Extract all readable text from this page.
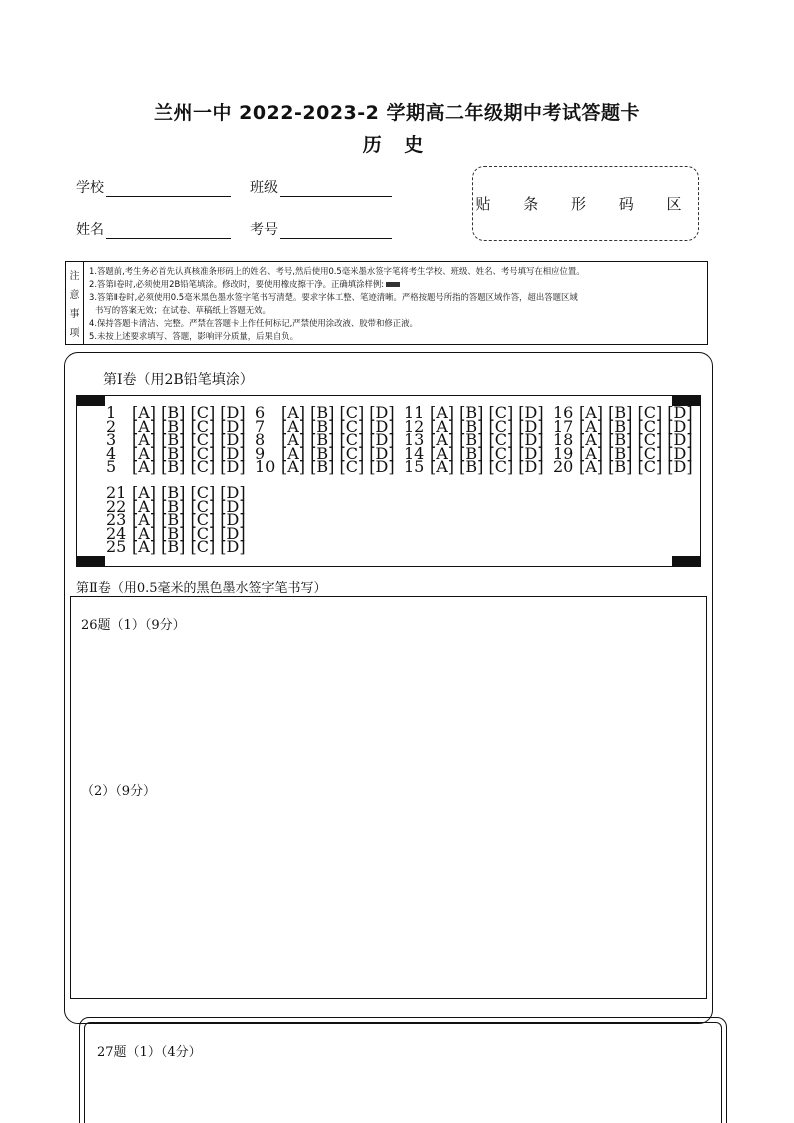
兰州一中 2022-2023-2 学期高二年级期中考试答题卡
历 史
学校	班级
姓名	考号
贴 条 形 码 区
注
意
事
项
1.答题前,考生务必首先认真核准条形码上的姓名、考号,然后使用0.5毫米墨水签字笔将考生学校、班级、姓名、考号填写在相应位置。
2.答第Ⅰ卷时,必须使用2B铅笔填涂。修改时，要使用橡皮擦干净。正确填涂样例:
3.答第Ⅱ卷时,必须使用0.5毫米黑色墨水签字笔书写清楚。要求字体工整、笔迹清晰。严格按题号所指的答题区域作答，超出答题区域
书写的答案无效；在试卷、草稿纸上答题无效。
4.保持答题卡清洁、完整。严禁在答题卡上作任何标记,严禁使用涂改液、胶带和修正液。
5.未按上述要求填写、答题，影响评分质量，后果自负。
第Ⅰ卷（用2B铅笔填涂）
第Ⅱ卷（用0.5毫米的黑色墨水签字笔书写）
26题（1）（9分）
（2）（9分）
27题（1）（4分）
1 [A] [B] [C] [D]
2 [A] [B] [C] [D]
3 [A] [B] [C] [D]
4 [A] [B] [C] [D]
5 [A] [B] [C] [D]
6 [A] [B] [C] [D]
7 [A] [B] [C] [D]
8 [A] [B] [C] [D]
9 [A] [B] [C] [D]
10 [A] [B] [C] [D]
11 [A] [B] [C] [D]
12 [A] [B] [C] [D]
13 [A] [B] [C] [D]
14 [A] [B] [C] [D]
15 [A] [B] [C] [D]
16 [A] [B] [C] [D]
17 [A] [B] [C] [D]
18 [A] [B] [C] [D]
19 [A] [B] [C] [D]
20 [A] [B] [C] [D]
21 [A] [B] [C] [D]
22 [A] [B] [C] [D]
23 [A] [B] [C] [D]
24 [A] [B] [C] [D]
25 [A] [B] [C] [D]
